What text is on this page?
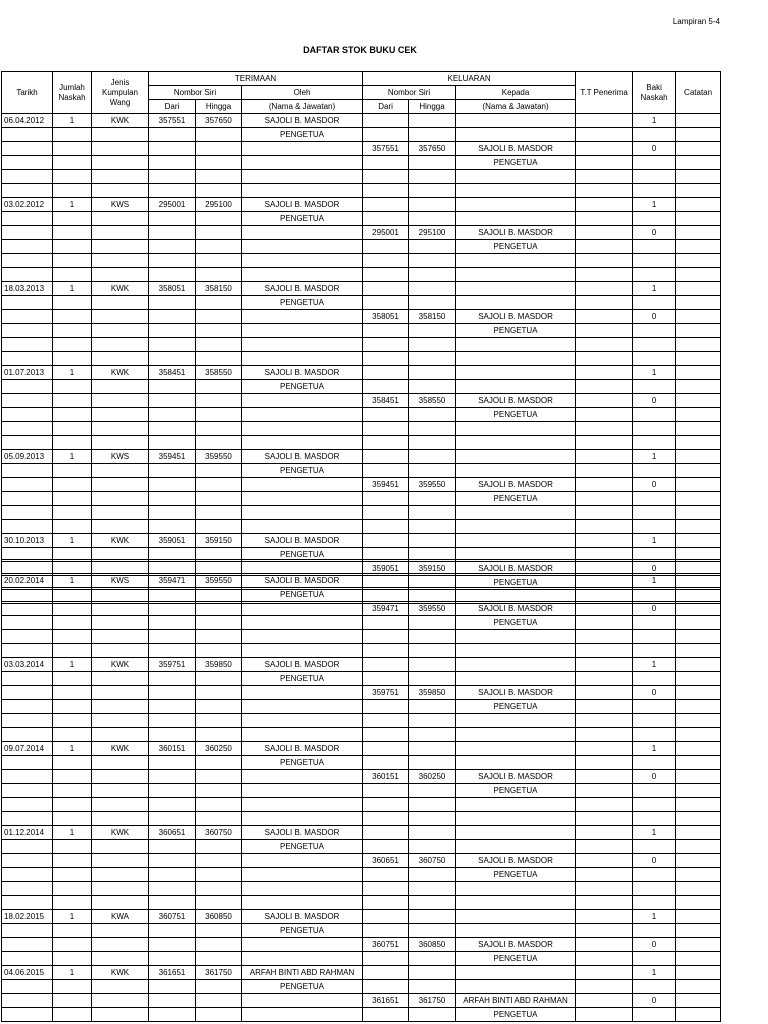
Lampiran 5-4
DAFTAR STOK BUKU CEK
Tarikh	Jumlah Naskah	Jenis Kumpulan Wang	TERIMAAN			KELUARAN			T.T Penerima	Baki Naskah	Catatan
			Nombor Siri		Oleh	Nombor Siri		Kepada			
			Dari	Hingga	(Nama & Jawatan)	Dari	Hingga	(Nama & Jawatan)			
06.04.2012	1	KWK	357551	357650	SAJOLI B. MASDOR					1	
					PENGETUA						
						357551	357650	SAJOLI B. MASDOR		0	
								PENGETUA			

03.02.2012	1	KWS	295001	295100	SAJOLI B. MASDOR					1	
					PENGETUA						
						295001	295100	SAJOLI B. MASDOR		0	
								PENGETUA			

18.03.2013	1	KWK	358051	358150	SAJOLI B. MASDOR					1	
					PENGETUA						
						358051	358150	SAJOLI B. MASDOR		0	
								PENGETUA			

01.07.2013	1	KWK	358451	358550	SAJOLI B. MASDOR					1	
					PENGETUA						
						358451	358550	SAJOLI B. MASDOR		0	
								PENGETUA			

05.09.2013	1	KWS	359451	359550	SAJOLI B. MASDOR					1	
					PENGETUA						
						359451	359550	SAJOLI B. MASDOR		0	
								PENGETUA			

30.10.2013	1	KWK	359051	359150	SAJOLI B. MASDOR					1	
					PENGETUA						
						359051	359150	SAJOLI B. MASDOR		0	
								PENGETUA			

20.02.2014	1	KWS	359471	359550	SAJOLI B. MASDOR					1	
					PENGETUA						
						359471	359550	SAJOLI B. MASDOR		0	
								PENGETUA			

03.03.2014	1	KWK	359751	359850	SAJOLI B. MASDOR					1	
					PENGETUA						
						359751	359850	SAJOLI B. MASDOR		0	
								PENGETUA			

09.07.2014	1	KWK	360151	360250	SAJOLI B. MASDOR					1	
					PENGETUA						
						360151	360250	SAJOLI B. MASDOR		0	
								PENGETUA			

01.12.2014	1	KWK	360651	360750	SAJOLI B. MASDOR					1	
					PENGETUA						
						360651	360750	SAJOLI B. MASDOR		0	
								PENGETUA			

18.02.2015	1	KWA	360751	360850	SAJOLI B. MASDOR					1	
					PENGETUA						
						360751	360850	SAJOLI B. MASDOR		0	
								PENGETUA			
04.06.2015	1	KWK	361651	361750	ARFAH BINTI ABD RAHMAN					1	
					PENGETUA						
						361651	361750	ARFAH BINTI ABD RAHMAN		0	
								PENGETUA			
